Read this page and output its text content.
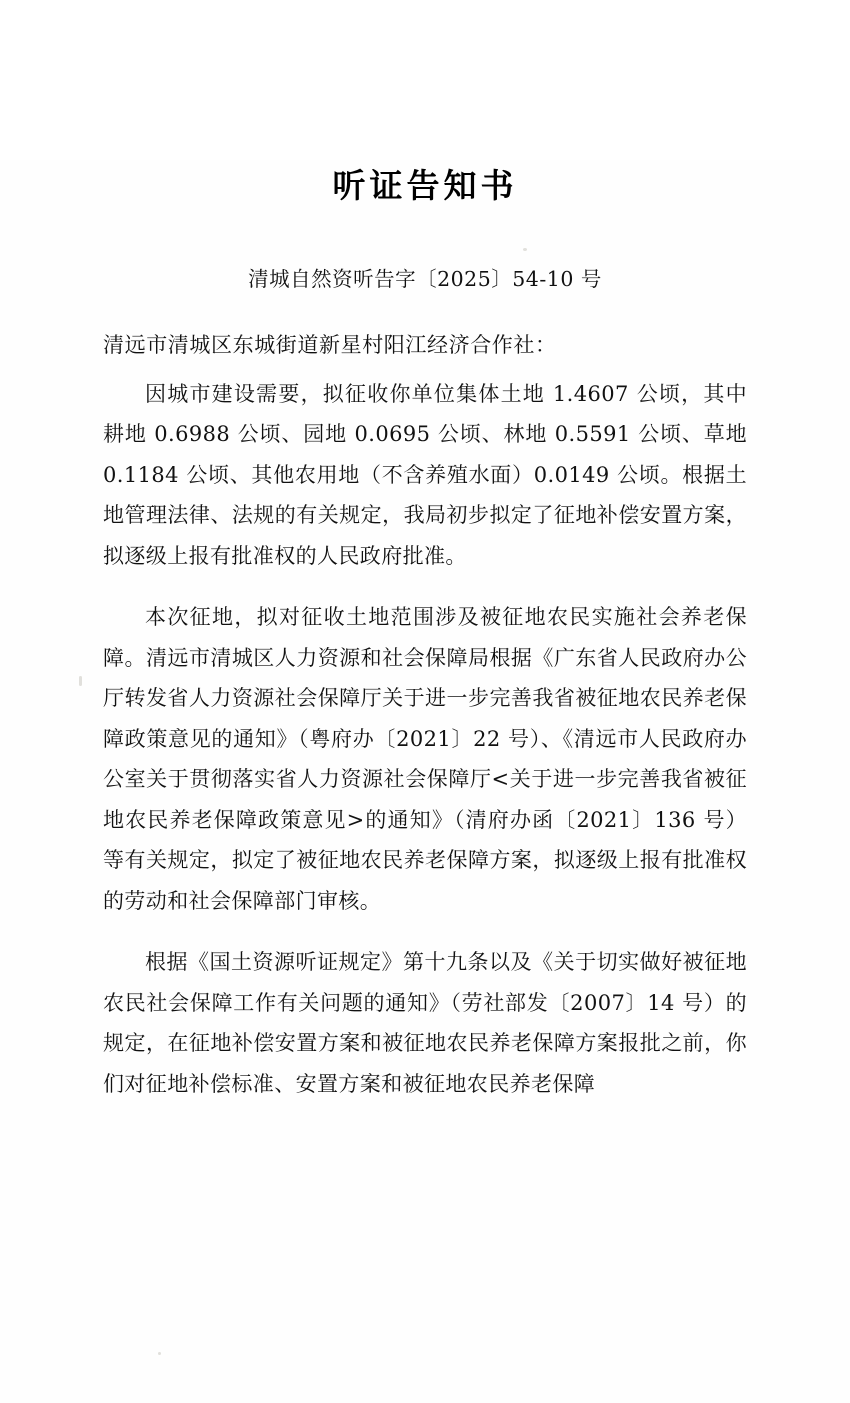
听证告知书
清城自然资听告字〔2025〕54-10 号
清远市清城区东城街道新星村阳江经济合作社：

因城市建设需要，拟征收你单位集体土地 1.4607 公顷，其中耕地 0.6988 公顷、园地 0.0695 公顷、林地 0.5591 公顷、草地 0.1184 公顷、其他农用地（不含养殖水面）0.0149 公顷。根据土地管理法律、法规的有关规定，我局初步拟定了征地补偿安置方案，拟逐级上报有批准权的人民政府批准。

本次征地，拟对征收土地范围涉及被征地农民实施社会养老保障。清远市清城区人力资源和社会保障局根据《广东省人民政府办公厅转发省人力资源社会保障厅关于进一步完善我省被征地农民养老保障政策意见的通知》（粤府办〔2021〕22 号）、《清远市人民政府办公室关于贯彻落实省人力资源社会保障厅<关于进一步完善我省被征地农民养老保障政策意见>的通知》（清府办函〔2021〕136 号）等有关规定，拟定了被征地农民养老保障方案，拟逐级上报有批准权的劳动和社会保障部门审核。

根据《国土资源听证规定》第十九条以及《关于切实做好被征地农民社会保障工作有关问题的通知》（劳社部发〔2007〕14 号）的规定，在征地补偿安置方案和被征地农民养老保障方案报批之前，你们对征地补偿标准、安置方案和被征地农民养老保障
